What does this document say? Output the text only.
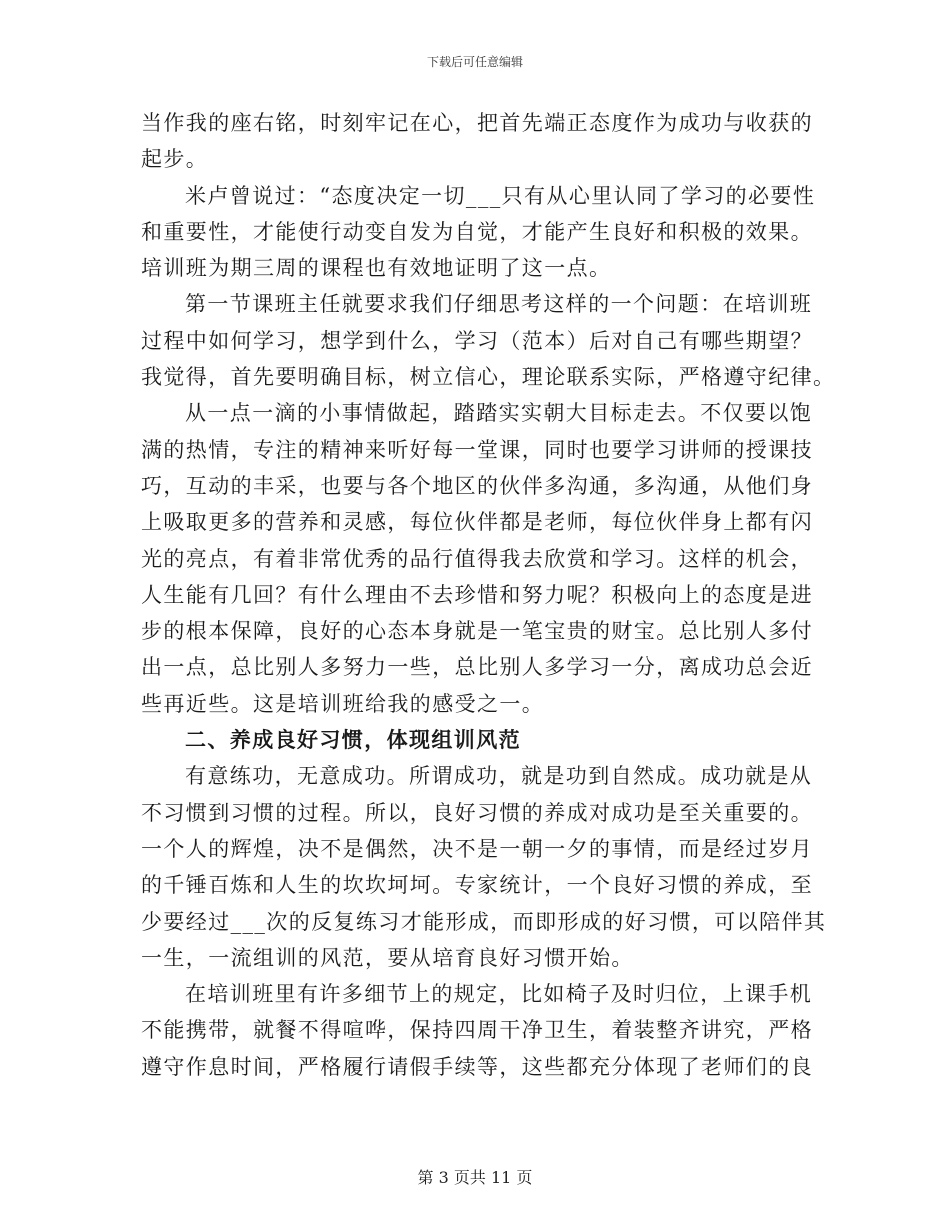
下载后可任意编辑
当作我的座右铭，时刻牢记在心，把首先端正态度作为成功与收获的
起步。
米卢曾说过：“态度决定一切___只有从心里认同了学习的必要性
和重要性，才能使行动变自发为自觉，才能产生良好和积极的效果。
培训班为期三周的课程也有效地证明了这一点。
第一节课班主任就要求我们仔细思考这样的一个问题：在培训班
过程中如何学习，想学到什么，学习（范本）后对自己有哪些期望？
我觉得，首先要明确目标，树立信心，理论联系实际，严格遵守纪律。
从一点一滴的小事情做起，踏踏实实朝大目标走去。不仅要以饱
满的热情，专注的精神来听好每一堂课，同时也要学习讲师的授课技
巧，互动的丰采，也要与各个地区的伙伴多沟通，多沟通，从他们身
上吸取更多的营养和灵感，每位伙伴都是老师，每位伙伴身上都有闪
光的亮点，有着非常优秀的品行值得我去欣赏和学习。这样的机会，
人生能有几回？有什么理由不去珍惜和努力呢？积极向上的态度是进
步的根本保障，良好的心态本身就是一笔宝贵的财宝。总比别人多付
出一点，总比别人多努力一些，总比别人多学习一分，离成功总会近
些再近些。这是培训班给我的感受之一。
二、养成良好习惯，体现组训风范
有意练功，无意成功。所谓成功，就是功到自然成。成功就是从
不习惯到习惯的过程。所以，良好习惯的养成对成功是至关重要的。
一个人的辉煌，决不是偶然，决不是一朝一夕的事情，而是经过岁月
的千锤百炼和人生的坎坎坷坷。专家统计，一个良好习惯的养成，至
少要经过___次的反复练习才能形成，而即形成的好习惯，可以陪伴其
一生，一流组训的风范，要从培育良好习惯开始。
在培训班里有许多细节上的规定，比如椅子及时归位，上课手机
不能携带，就餐不得喧哗，保持四周干净卫生，着装整齐讲究，严格
遵守作息时间，严格履行请假手续等，这些都充分体现了老师们的良
第 3 页共 11 页
